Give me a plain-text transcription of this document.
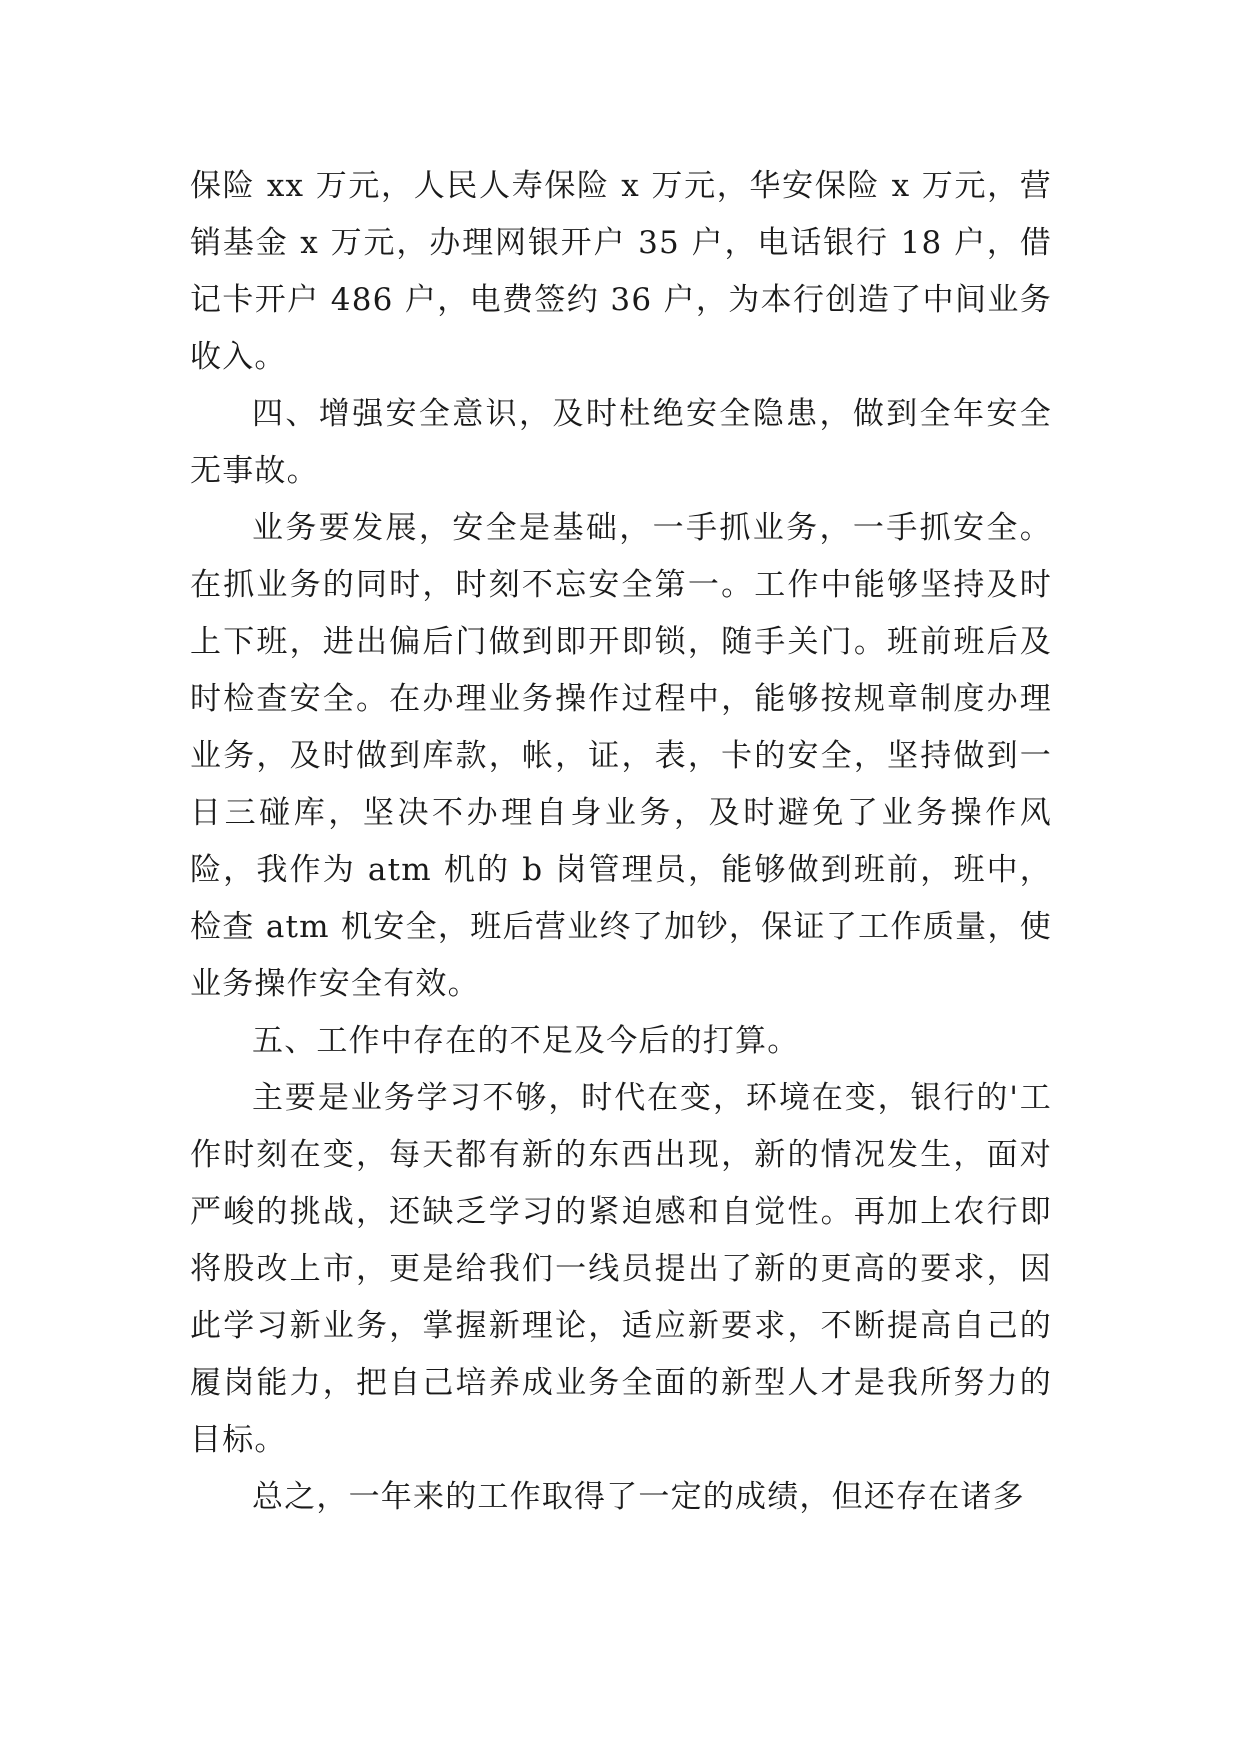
保险 xx 万元，人民人寿保险 x 万元，华安保险 x 万元，营销基金 x 万元，办理网银开户 35 户，电话银行 18 户，借记卡开户 486 户，电费签约 36 户，为本行创造了中间业务收入。

四、增强安全意识，及时杜绝安全隐患，做到全年安全无事故。

业务要发展，安全是基础，一手抓业务，一手抓安全。在抓业务的同时，时刻不忘安全第一。工作中能够坚持及时上下班，进出偏后门做到即开即锁，随手关门。班前班后及时检查安全。在办理业务操作过程中，能够按规章制度办理业务，及时做到库款，帐，证，表，卡的安全，坚持做到一日三碰库，坚决不办理自身业务，及时避免了业务操作风险，我作为 atm 机的 b 岗管理员，能够做到班前，班中，检查 atm 机安全，班后营业终了加钞，保证了工作质量，使业务操作安全有效。

五、工作中存在的不足及今后的打算。

主要是业务学习不够，时代在变，环境在变，银行的'工作时刻在变，每天都有新的东西出现，新的情况发生，面对严峻的挑战，还缺乏学习的紧迫感和自觉性。再加上农行即将股改上市，更是给我们一线员提出了新的更高的要求，因此学习新业务，掌握新理论，适应新要求，不断提高自己的履岗能力，把自己培养成业务全面的新型人才是我所努力的目标。

总之，一年来的工作取得了一定的成绩，但还存在诸多
